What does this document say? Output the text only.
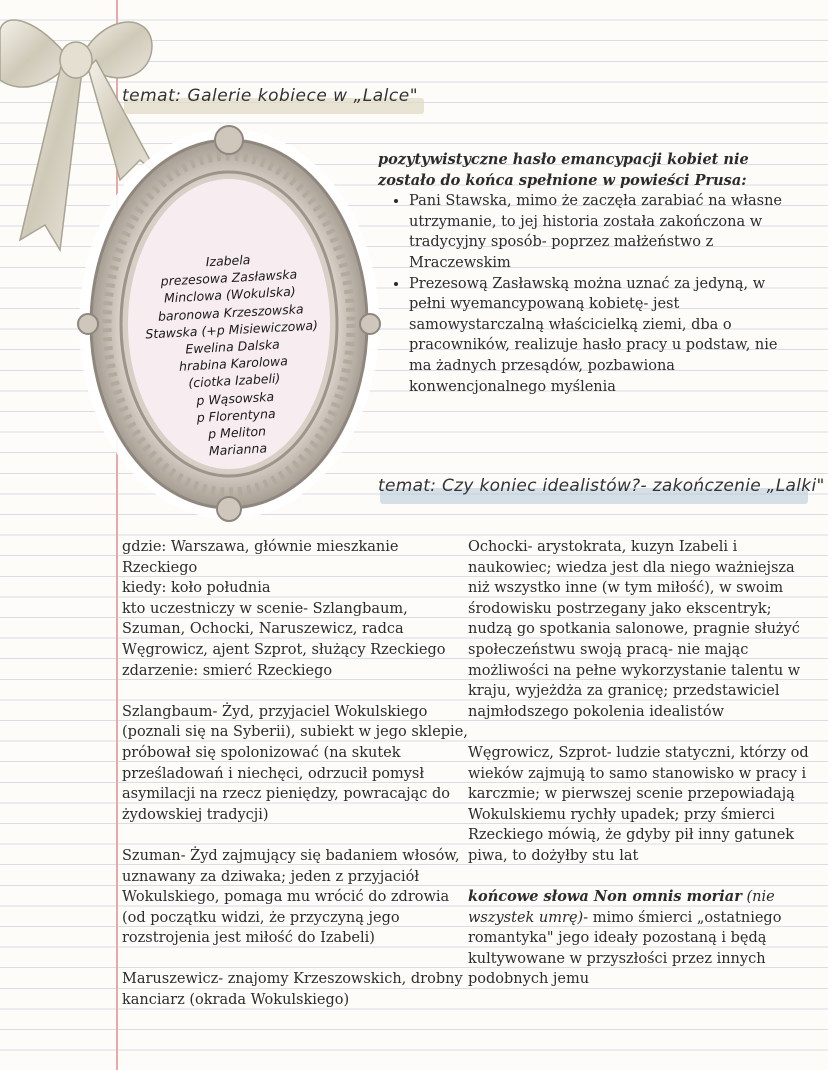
temat: Galerie kobiece w „Lalce"
Izabela
prezesowa Zasławska
Minclowa (Wokulska)
baronowa Krzeszowska
Stawska (+p Misiewiczowa)
Ewelina Dalska
hrabina Karolowa
(ciotka Izabeli)
p Wąsowska
p Florentyna
p Meliton
Marianna
pozytywistyczne hasło emancypacji kobiet nie zostało do końca spełnione w powieści Prusa:
• Pani Stawska, mimo że zaczęła zarabiać na własne utrzymanie, to jej historia została zakończona w tradycyjny sposób- poprzez małżeństwo z Mraczewskim
• Prezesową Zasławską można uznać za jedyną, w pełni wyemancypowaną kobietę- jest samowystarczalną właścicielką ziemi, dba o pracowników, realizuje hasło pracy u podstaw, nie ma żadnych przesądów, pozbawiona konwencjonalnego myślenia
temat: Czy koniec idealistów?- zakończenie „Lalki"

gdzie: Warszawa, głównie mieszkanie Rzeckiego
kiedy: koło południa
kto uczestniczy w scenie- Szlangbaum, Szuman, Ochocki, Naruszewicz, radca Węgrowicz, ajent Szprot, służący Rzeckiego
zdarzenie: smierć Rzeckiego

Szlangbaum- Żyd, przyjaciel Wokulskiego (poznali się na Syberii), subiekt w jego sklepie, próbował się spolonizować (na skutek prześladowań i niechęci, odrzucił pomysł asymilacji na rzecz pieniędzy, powracając do żydowskiej tradycji)

Szuman- Żyd zajmujący się badaniem włosów, uznawany za dziwaka; jeden z przyjaciół Wokulskiego, pomaga mu wrócić do zdrowia (od początku widzi, że przyczyną jego rozstrojenia jest miłość do Izabeli)

Maruszewicz- znajomy Krzeszowskich, drobny kanciarz (okrada Wokulskiego)

Ochocki- arystokrata, kuzyn Izabeli i naukowiec; wiedza jest dla niego ważniejsza niż wszystko inne (w tym miłość), w swoim środowisku postrzegany jako ekscentryk; nudzą go spotkania salonowe, pragnie służyć społeczeństwu swoją pracą- nie mając możliwości na pełne wykorzystanie talentu w kraju, wyjeżdża za granicę; przedstawiciel najmłodszego pokolenia idealistów

Węgrowicz, Szprot- ludzie statyczni, którzy od wieków zajmują to samo stanowisko w pracy i karczmie; w pierwszej scenie przepowiadają Wokulskiemu rychły upadek; przy śmierci Rzeckiego mówią, że gdyby pił inny gatunek piwa, to dożyłby stu lat

końcowe słowa Non omnis moriar (nie wszystek umrę)- mimo śmierci „ostatniego romantyka" jego ideały pozostaną i będą kultywowane w przyszłości przez innych podobnych jemu
